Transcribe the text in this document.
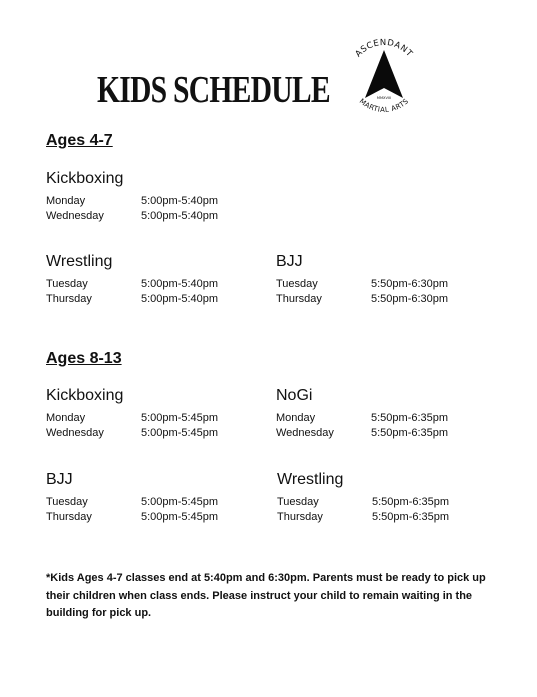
KIDS SCHEDULE
ASCENDANT
MARTIAL ARTS
EST.
MMXVIII
Ages 4-7
Kickboxing
Monday	5:00pm-5:40pm
Wednesday	5:00pm-5:40pm
Wrestling
Tuesday	5:00pm-5:40pm
Thursday	5:00pm-5:40pm
BJJ
Tuesday	5:50pm-6:30pm
Thursday	5:50pm-6:30pm
Ages 8-13
Kickboxing
Monday	5:00pm-5:45pm
Wednesday	5:00pm-5:45pm
NoGi
Monday	5:50pm-6:35pm
Wednesday	5:50pm-6:35pm
BJJ
Tuesday	5:00pm-5:45pm
Thursday	5:00pm-5:45pm
Wrestling
Tuesday	5:50pm-6:35pm
Thursday	5:50pm-6:35pm
*Kids Ages 4-7 classes end at 5:40pm and 6:30pm. Parents must be ready to pick up their children when class ends. Please instruct your child to remain waiting in the building for pick up.
